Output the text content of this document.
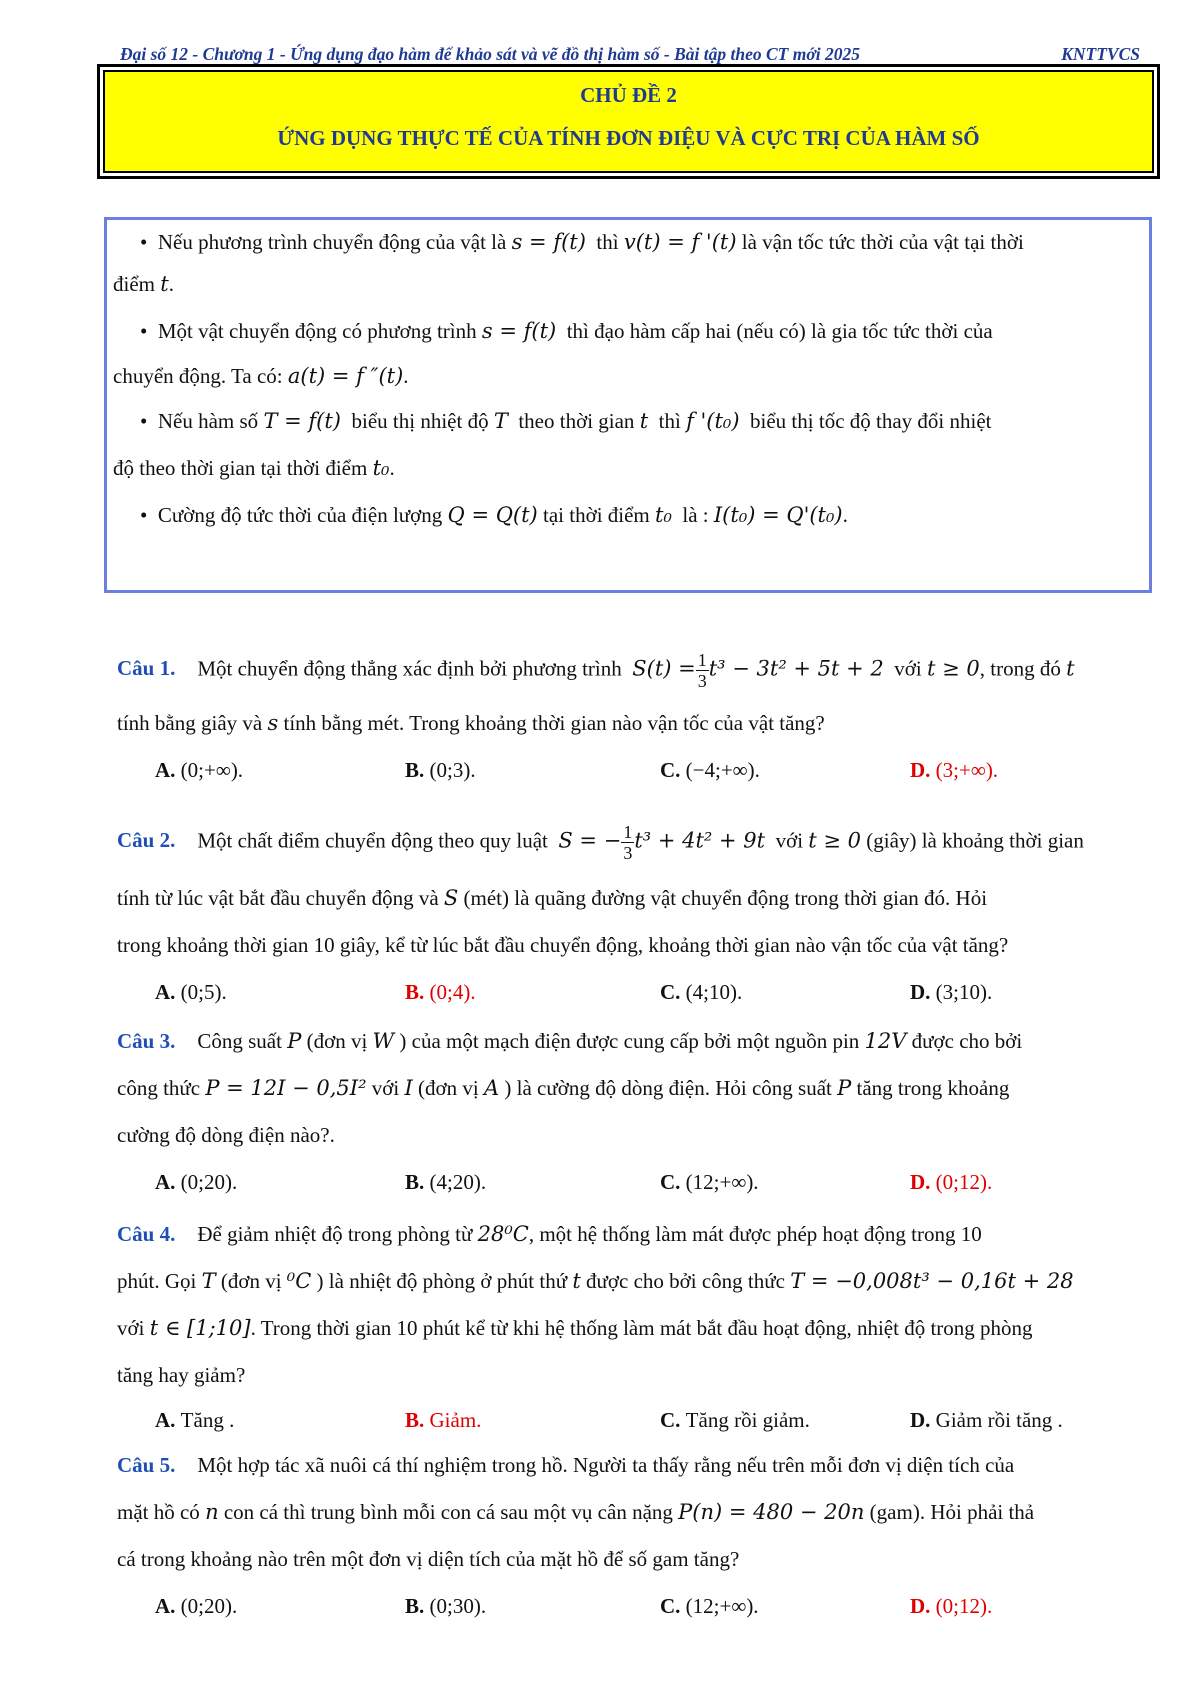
Đại số 12 - Chương 1 - Ứng dụng đạo hàm để khảo sát và vẽ đồ thị hàm số - Bài tập theo CT mới 2025	KNTTVCS
CHỦ ĐỀ 2
ỨNG DỤNG THỰC TẾ CỦA TÍNH ĐƠN ĐIỆU VÀ CỰC TRỊ CỦA HÀM SỐ
•  Nếu phương trình chuyển động của vật là s = f(t) thì v(t) = f '(t) là vận tốc tức thời của vật tại thời
điểm t.
•  Một vật chuyển động có phương trình s = f(t) thì đạo hàm cấp hai (nếu có) là gia tốc tức thời của
chuyển động. Ta có: a(t) = f ″(t).
•  Nếu hàm số T = f(t) biểu thị nhiệt độ T theo thời gian t thì f '(t₀) biểu thị tốc độ thay đổi nhiệt
độ theo thời gian tại thời điểm t₀.
•  Cường độ tức thời của điện lượng Q = Q(t) tại thời điểm t₀ là : I(t₀) = Q'(t₀).
Câu 1. Một chuyển động thẳng xác định bởi phương trình $S(t) = \frac{1}{3} t^3 - 3t^2 + 5t + 2$ với t ≥ 0, trong đó t
tính bằng giây và s tính bằng mét. Trong khoảng thời gian nào vận tốc của vật tăng?
A. (0;+∞).	B. (0;3).	C. (−4;+∞).	D. (3;+∞).
Câu 2. Một chất điểm chuyển động theo quy luật S = − $\frac{1}{3} t^3 + 4t^2 + 9t$ với t ≥ 0 (giây) là khoảng thời gian
tính từ lúc vật bắt đầu chuyển động và S (mét) là quãng đường vật chuyển động trong thời gian đó. Hỏi
trong khoảng thời gian 10 giây, kể từ lúc bắt đầu chuyển động, khoảng thời gian nào vận tốc của vật tăng?
A. (0;5).	B. (0;4).	C. (4;10).	D. (3;10).
Câu 3. Công suất P (đơn vị W ) của một mạch điện được cung cấp bởi một nguồn pin 12V được cho bởi
công thức P = 12I − 0,5I² với I (đơn vị A ) là cường độ dòng điện. Hỏi công suất P tăng trong khoảng
cường độ dòng điện nào?.
A. (0;20).	B. (4;20).	C. (12;+∞).	D. (0;12).
Câu 4. Để giảm nhiệt độ trong phòng từ 28⁰C, một hệ thống làm mát được phép hoạt động trong 10
phút. Gọi T (đơn vị ⁰C ) là nhiệt độ phòng ở phút thứ t được cho bởi công thức T = −0,008t³ − 0,16t + 28
với t ∈ [1;10]. Trong thời gian 10 phút kể từ khi hệ thống làm mát bắt đầu hoạt động, nhiệt độ trong phòng
tăng hay giảm?
A. Tăng .	B. Giảm.	C. Tăng rồi giảm.	D. Giảm rồi tăng .
Câu 5. Một hợp tác xã nuôi cá thí nghiệm trong hồ. Người ta thấy rằng nếu trên mỗi đơn vị diện tích của
mặt hồ có n con cá thì trung bình mỗi con cá sau một vụ cân nặng P(n) = 480 − 20n (gam). Hỏi phải thả
cá trong khoảng nào trên một đơn vị diện tích của mặt hồ để số gam tăng?
A. (0;20).	B. (0;30).	C. (12;+∞).	D. (0;12).
